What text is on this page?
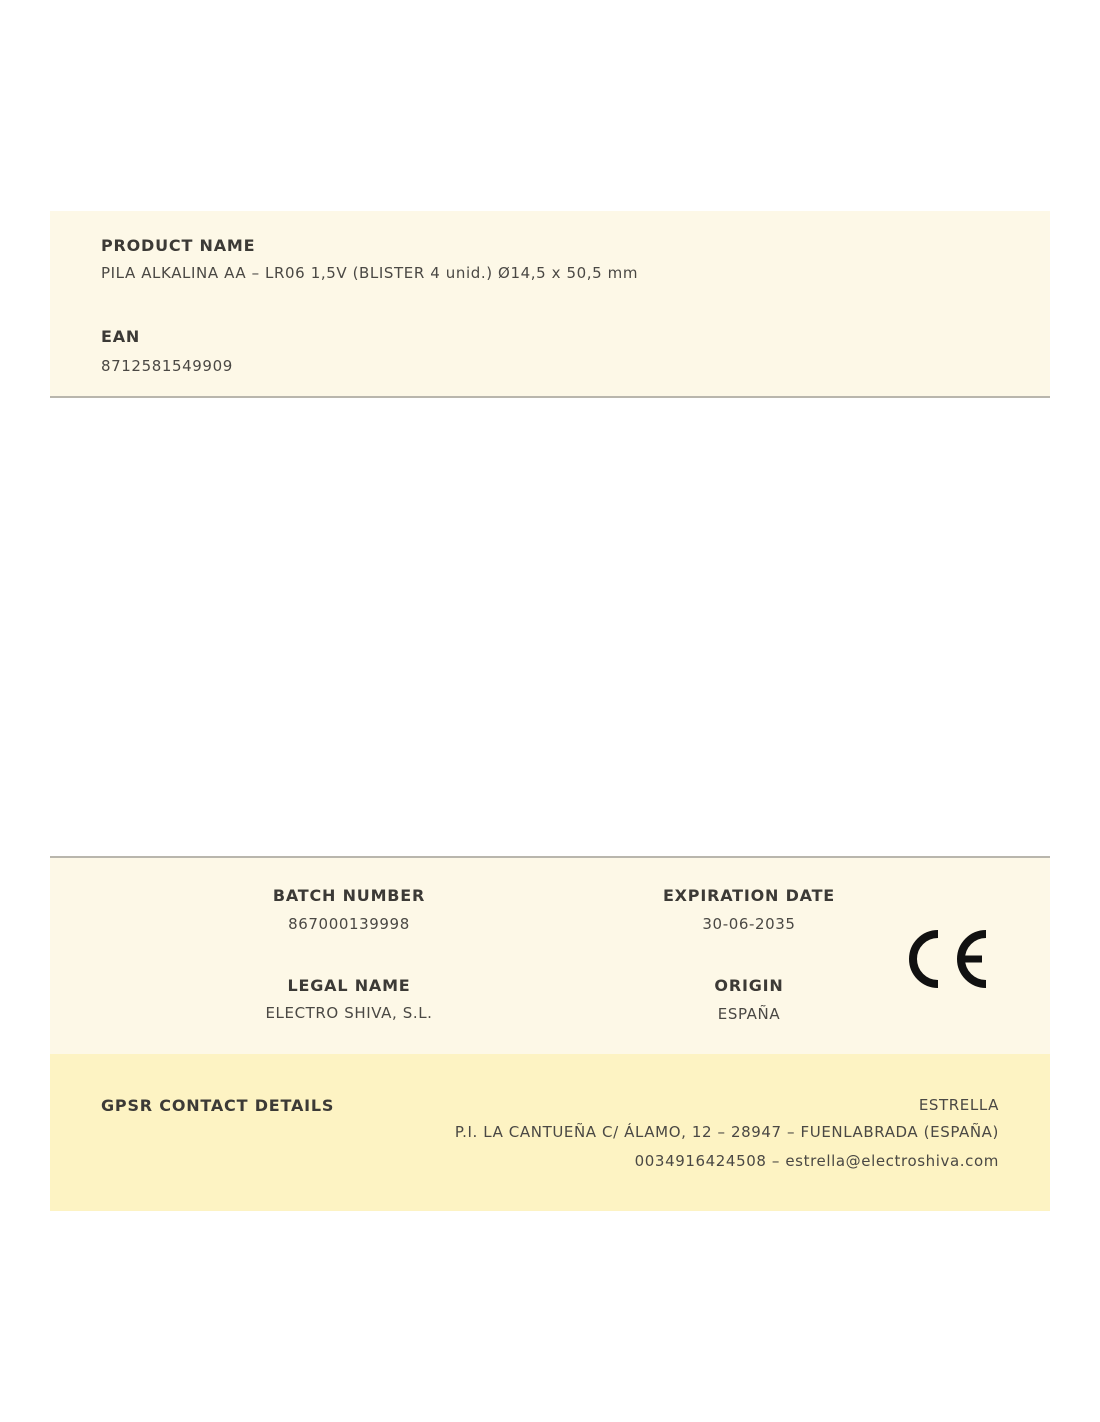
PRODUCT NAME
PILA ALKALINA AA – LR06 1,5V (BLISTER 4 unid.) Ø14,5 x 50,5 mm
EAN
8712581549909
BATCH NUMBER
867000139998
EXPIRATION DATE
30-06-2035
LEGAL NAME
ELECTRO SHIVA, S.L.
ORIGIN
ESPAÑA
GPSR CONTACT DETAILS	ESTRELLA
P.I. LA CANTUEÑA C/ ÁLAMO, 12 – 28947 – FUENLABRADA (ESPAÑA)
0034916424508 – estrella@electroshiva.com
